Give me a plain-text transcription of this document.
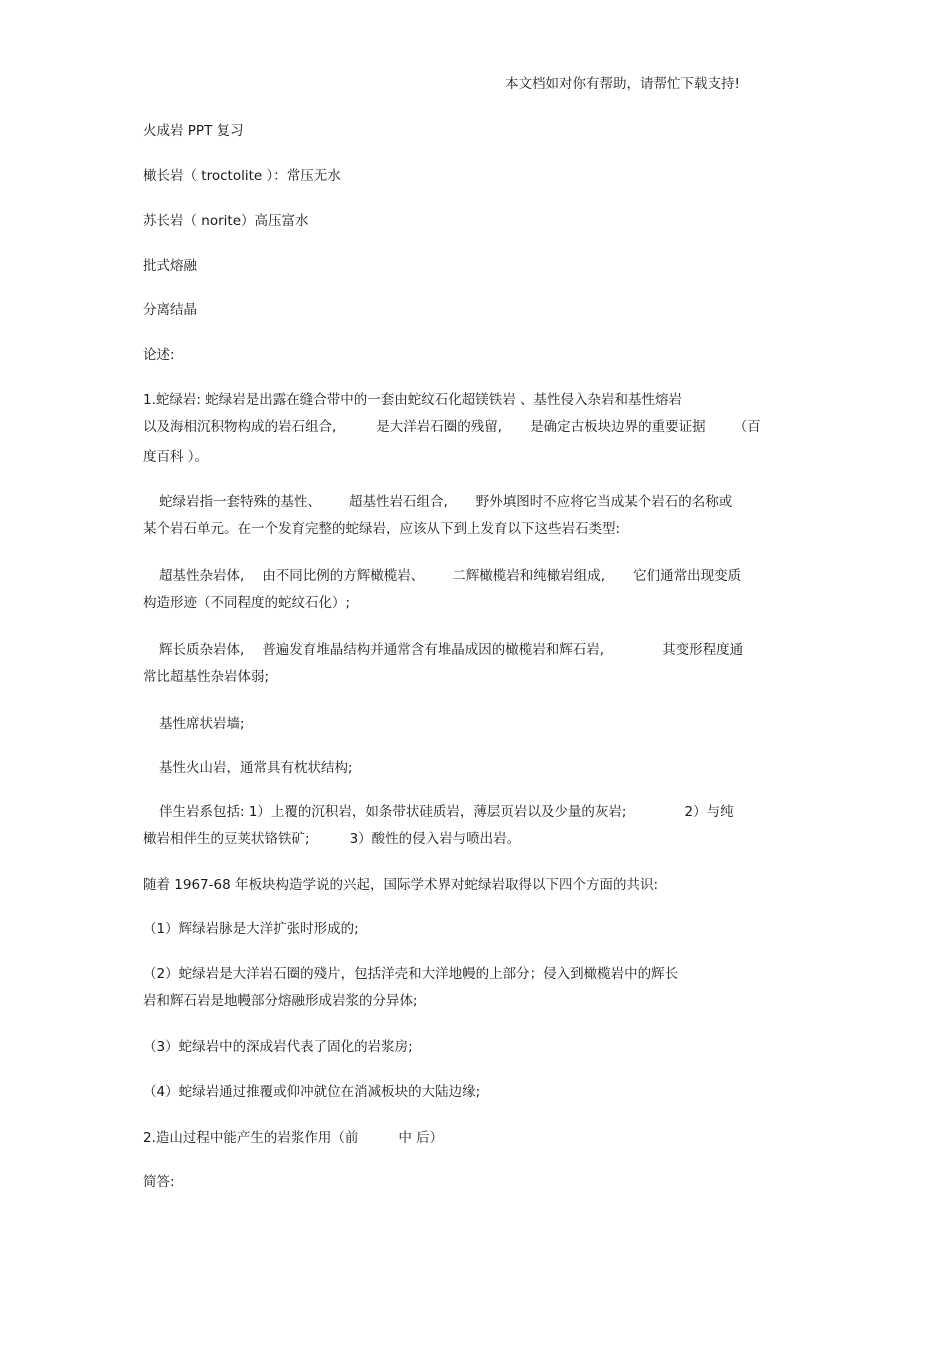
本文档如对你有帮助，请帮忙下载支持!
火成岩 PPT 复习
橄长岩（ troctolite ）：常压无水
苏长岩（ norite）高压富水
批式熔融
分离结晶
论述:
1.蛇绿岩: 蛇绿岩是出露在缝合带中的一套由蛇纹石化超镁铁岩 、基性侵入杂岩和基性熔岩
以及海相沉积物构成的岩石组合,	是大洋岩石圈的残留, 是确定古板块边界的重要证据 （百
度百科 ）。
蛇绿岩指一套特殊的基性、 超基性岩石组合, 野外填图时不应将它当成某个岩石的名称或
某个岩石单元。在一个发育完整的蛇绿岩，应该从下到上发育以下这些岩石类型:
超基性杂岩体, 由不同比例的方辉橄榄岩、 二辉橄榄岩和纯橄岩组成, 它们通常出现变质
构造形迹（不同程度的蛇纹石化）;
辉长质杂岩体, 普遍发育堆晶结构并通常含有堆晶成因的橄榄岩和辉石岩,	其变形程度通
常比超基性杂岩体弱;
基性席状岩墙;
基性火山岩，通常具有枕状结构;
伴生岩系包括: 1）上覆的沉积岩，如条带状硅质岩，薄层页岩以及少量的灰岩;	2）与纯
橄岩相伴生的豆荚状铬铁矿;	3）酸性的侵入岩与喷出岩。
随着 1967-68 年板块构造学说的兴起，国际学术界对蛇绿岩取得以下四个方面的共识:
（1）辉绿岩脉是大洋扩张时形成的;
（2）蛇绿岩是大洋岩石圈的殘片，包括洋壳和大洋地幔的上部分；侵入到橄榄岩中的辉长
岩和辉石岩是地幔部分熔融形成岩浆的分异体;
（3）蛇绿岩中的深成岩代表了固化的岩浆房;
（4）蛇绿岩通过推覆或仰冲就位在消减板块的大陆边缘;
2.造山过程中能产生的岩浆作用（前	中 后）
简答:
